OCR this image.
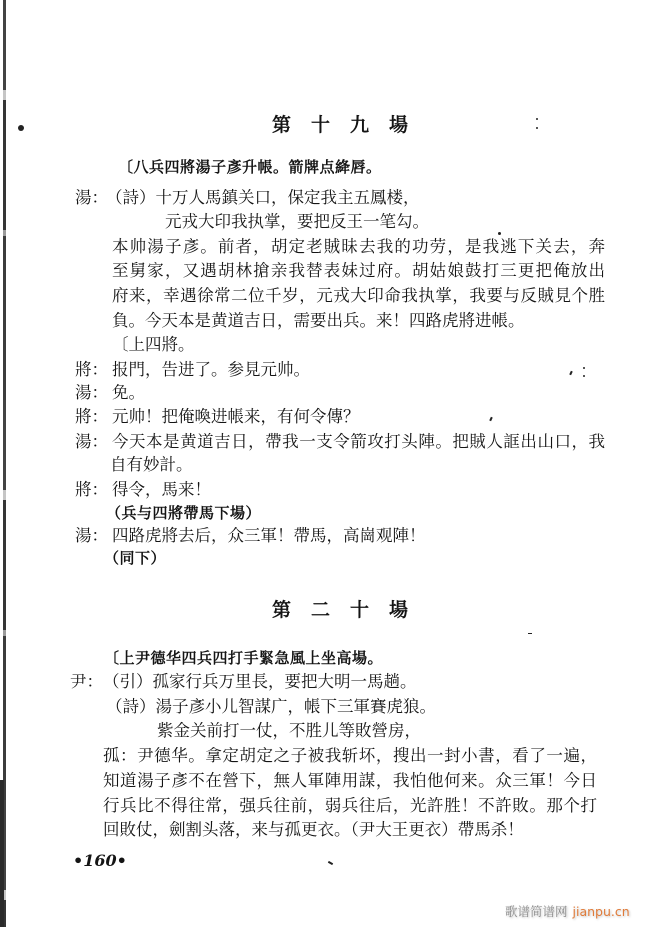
第十九場
〔八兵四將湯子彥升帳。箭牌点絳唇。
湯：
（詩）十万人馬鎮关口，保定我主五鳳楼，
元戎大印我执掌，要把反王一笔勾。
本帅湯子彥。前者，胡定老賊昧去我的功劳，是我逃下关去，奔
至舅家，又遇胡林搶亲我替表妹过府。胡姑娘鼓打三更把俺放出
府来，幸遇徐常二位千岁，元戎大印命我执掌，我要与反賊見个胜
負。今天本是黄道吉日，需要出兵。来！四路虎將进帳。
〔上四將。
將： 报門，告进了。参見元帅。
湯： 免。
將： 元帅！把俺喚进帳来，有何令傳？
湯： 今天本是黄道吉日，帶我一支令箭攻打头陣。把賊人誆出山口，我
自有妙計。
將： 得令，馬来！
（兵与四將帶馬下場）
湯： 四路虎將去后，众三軍！帶馬，高崗观陣！
（同下）
第二十場
〔上尹德华四兵四打手緊急風上坐高場。
尹： （引）孤家行兵万里長，要把大明一馬趟。
（詩）湯子彥小儿智謀广，帳下三軍賽虎狼。
紫金关前打一仗，不胜儿等敗營房，
孤：尹德华。拿定胡定之子被我斩坏，搜出一封小書，看了一遍，
知道湯子彥不在營下，無人軍陣用謀，我怕他何来。众三軍！今日
行兵比不得往常，强兵往前，弱兵往后，光許胜！不許敗。那个打
回敗仗，劍割头落，来与孤更衣。（尹大王更衣）帶馬杀！
•160•
歌谱简谱网 jianpu.cn
